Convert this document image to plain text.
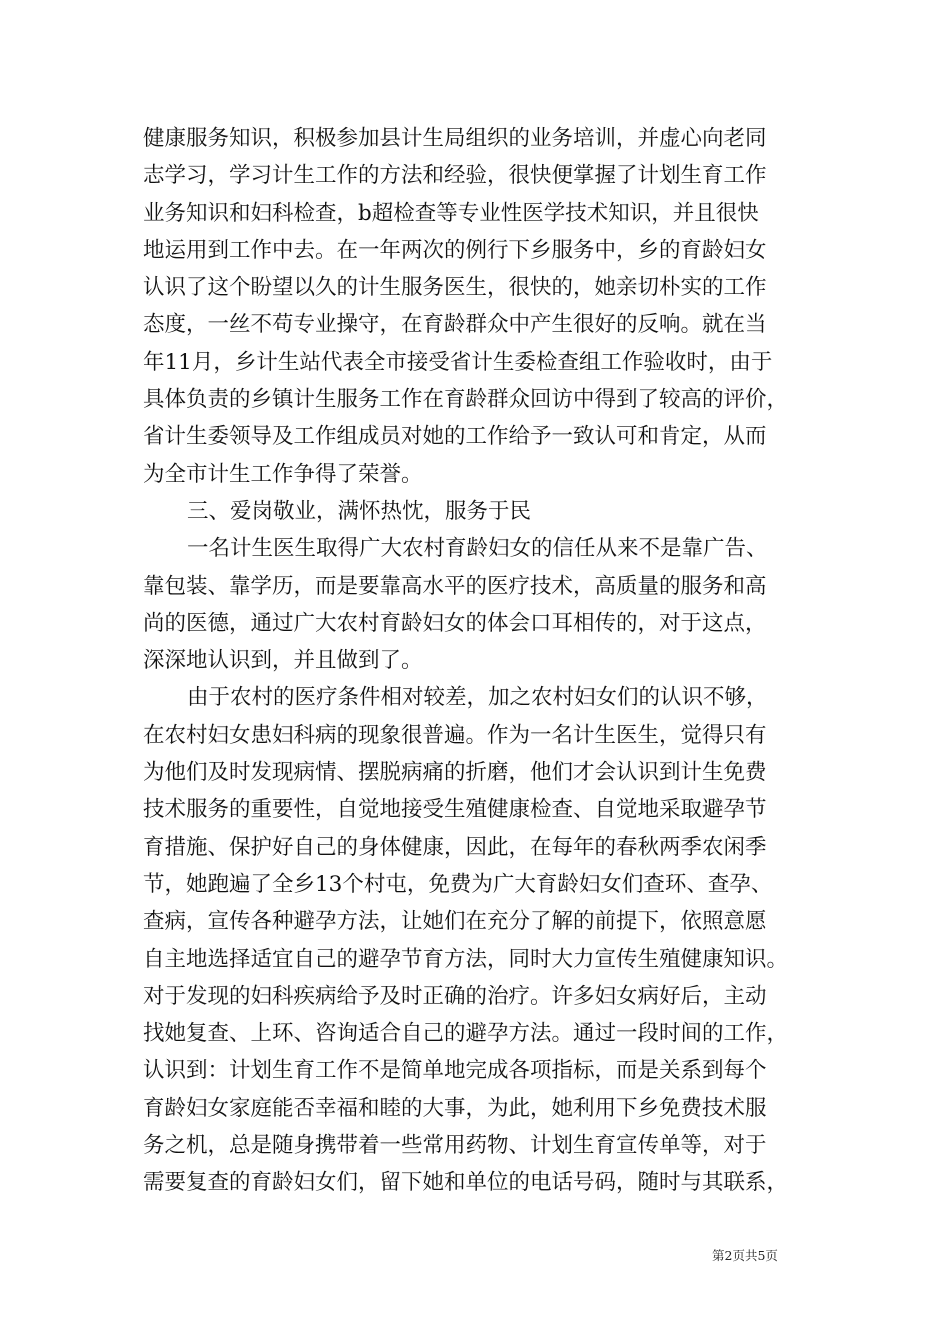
健康服务知识，积极参加县计生局组织的业务培训，并虚心向老同

志学习，学习计生工作的方法和经验，很快便掌握了计划生育工作

业务知识和妇科检查，b超检查等专业性医学技术知识，并且很快

地运用到工作中去。在一年两次的例行下乡服务中，乡的育龄妇女

认识了这个盼望以久的计生服务医生，很快的，她亲切朴实的工作

态度，一丝不苟专业操守，在育龄群众中产生很好的反响。就在当

年11月，乡计生站代表全市接受省计生委检查组工作验收时，由于

具体负责的乡镇计生服务工作在育龄群众回访中得到了较高的评价，

省计生委领导及工作组成员对她的工作给予一致认可和肯定，从而

为全市计生工作争得了荣誉。

三、爱岗敬业，满怀热忱，服务于民

一名计生医生取得广大农村育龄妇女的信任从来不是靠广告、

靠包装、靠学历，而是要靠高水平的医疗技术，高质量的服务和高

尚的医德，通过广大农村育龄妇女的体会口耳相传的，对于这点，

深深地认识到，并且做到了。

由于农村的医疗条件相对较差，加之农村妇女们的认识不够，

在农村妇女患妇科病的现象很普遍。作为一名计生医生，觉得只有

为他们及时发现病情、摆脱病痛的折磨，他们才会认识到计生免费

技术服务的重要性，自觉地接受生殖健康检查、自觉地采取避孕节

育措施、保护好自己的身体健康，因此，在每年的春秋两季农闲季

节，她跑遍了全乡13个村屯，免费为广大育龄妇女们查环、查孕、

查病，宣传各种避孕方法，让她们在充分了解的前提下，依照意愿

自主地选择适宜自己的避孕节育方法，同时大力宣传生殖健康知识。

对于发现的妇科疾病给予及时正确的治疗。许多妇女病好后，主动

找她复查、上环、咨询适合自己的避孕方法。通过一段时间的工作，

认识到：计划生育工作不是简单地完成各项指标，而是关系到每个

育龄妇女家庭能否幸福和睦的大事，为此，她利用下乡免费技术服

务之机，总是随身携带着一些常用药物、计划生育宣传单等，对于

需要复查的育龄妇女们，留下她和单位的电话号码，随时与其联系，

第2页共5页
